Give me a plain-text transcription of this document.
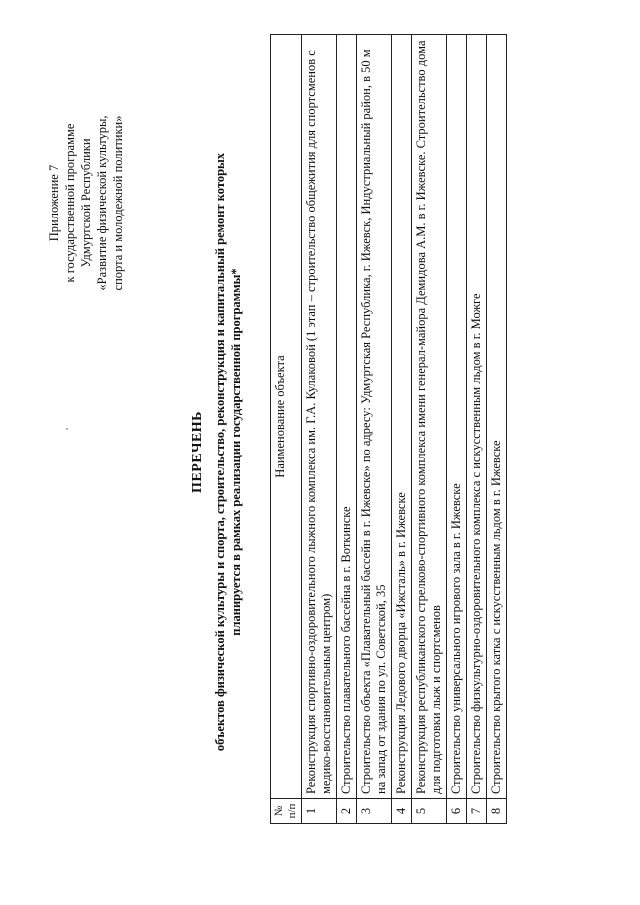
Приложение 7 к государственной программе Удмуртской Республики «Развитие физической культуры, спорта и молодежной политики»
ПЕРЕЧЕНЬ объектов физической культуры и спорта, строительство, реконструкция и капитальный ремонт которых планируется в рамках реализации государственной программы*
№ п/п	Наименование объекта
1	Реконструкция спортивно-оздоровительного лыжного комплекса им. Г.А. Кулаковой (1 этап – строительство общежития для спортсменов с медико-восстановительным центром)
2	Строительство плавательного бассейна в г. Воткинске
3	Строительство объекта «Плавательный бассейн в г. Ижевске» по адресу: Удмуртская Республика, г. Ижевск, Индустриальный район, в 50 м на запад от здания по ул. Советской, 35
4	Реконструкция Ледового дворца «Ижсталь» в г. Ижевске
5	Реконструкция республиканского стрелково-спортивного комплекса имени генерал-майора Демидова А.М. в г. Ижевске. Строительство дома для подготовки лыж и спортсменов
6	Строительство универсального игрового зала в г. Ижевске
7	Строительство физкультурно-оздоровительного комплекса с искусственным льдом в г. Можге
8	Строительство крытого катка с искусственным льдом в г. Ижевске
